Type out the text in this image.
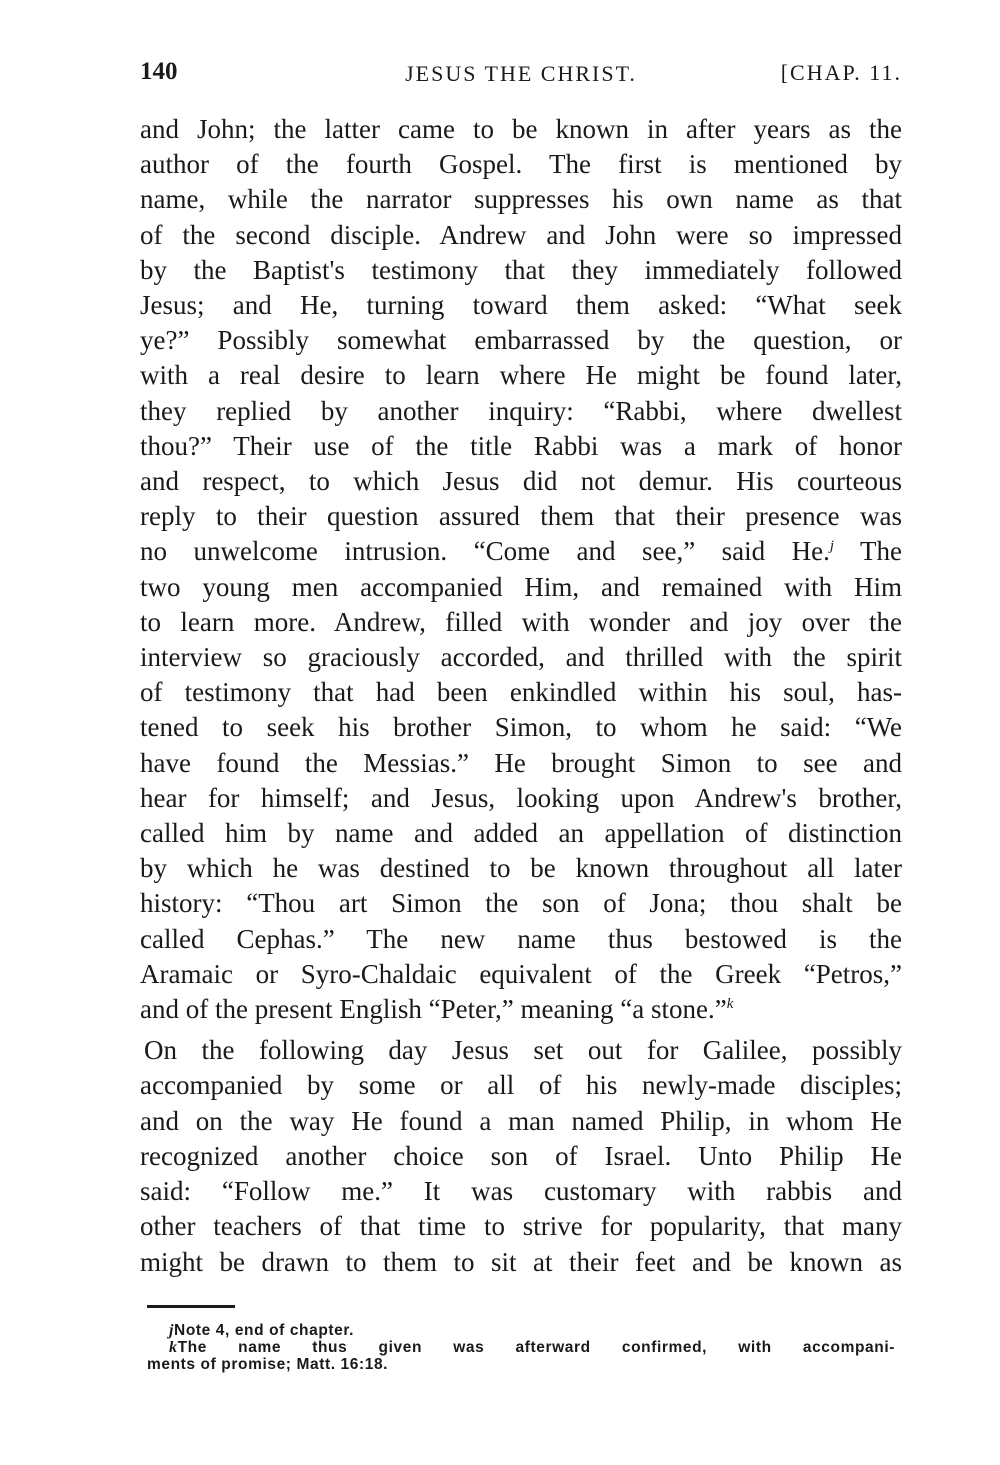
140	JESUS THE CHRIST.	[CHAP. 11.
and John; the latter came to be known in after years as the
author of the fourth Gospel. The first is mentioned by
name, while the narrator suppresses his own name as that
of the second disciple. Andrew and John were so impressed
by the Baptist's testimony that they immediately followed
Jesus; and He, turning toward them asked: “What seek
ye?” Possibly somewhat embarrassed by the question, or
with a real desire to learn where He might be found later,
they replied by another inquiry: “Rabbi, where dwellest
thou?” Their use of the title Rabbi was a mark of honor
and respect, to which Jesus did not demur. His courteous
reply to their question assured them that their presence was
no unwelcome intrusion. “Come and see,” said He.$^j$ The
two young men accompanied Him, and remained with Him
to learn more. Andrew, filled with wonder and joy over the
interview so graciously accorded, and thrilled with the spirit
of testimony that had been enkindled within his soul, has-
tened to seek his brother Simon, to whom he said: “We
have found the Messias.” He brought Simon to see and
hear for himself; and Jesus, looking upon Andrew's brother,
called him by name and added an appellation of distinction
by which he was destined to be known throughout all later
history: “Thou art Simon the son of Jona; thou shalt be
called Cephas.” The new name thus bestowed is the
Aramaic or Syro-Chaldaic equivalent of the Greek “Petros,”
and of the present English “Peter,” meaning “a stone.”$^k$
On the following day Jesus set out for Galilee, possibly
accompanied by some or all of his newly-made disciples;
and on the way He found a man named Philip, in whom He
recognized another choice son of Israel. Unto Philip He
said: “Follow me.” It was customary with rabbis and
other teachers of that time to strive for popularity, that many
might be drawn to them to sit at their feet and be known as
jNote 4, end of chapter.
kThe name thus given was afterward confirmed, with accompani-
ments of promise; Matt. 16:18.
